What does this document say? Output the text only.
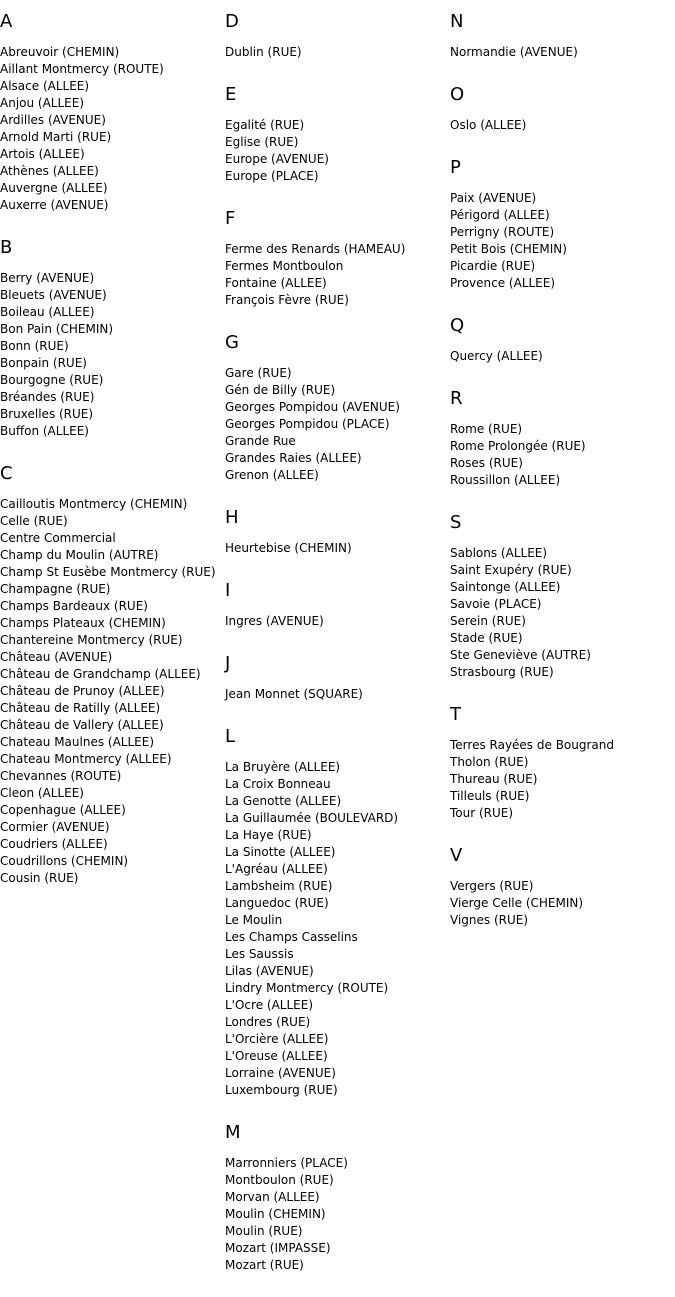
A
Abreuvoir (CHEMIN)
Aillant Montmercy (ROUTE)
Alsace (ALLEE)
Anjou (ALLEE)
Ardilles (AVENUE)
Arnold Marti (RUE)
Artois (ALLEE)
Athènes (ALLEE)
Auvergne (ALLEE)
Auxerre (AVENUE)
B
Berry (AVENUE)
Bleuets (AVENUE)
Boileau (ALLEE)
Bon Pain (CHEMIN)
Bonn (RUE)
Bonpain (RUE)
Bourgogne (RUE)
Bréandes (RUE)
Bruxelles (RUE)
Buffon (ALLEE)
C
Cailloutis Montmercy (CHEMIN)
Celle (RUE)
Centre Commercial
Champ du Moulin (AUTRE)
Champ St Eusèbe Montmercy (RUE)
Champagne (RUE)
Champs Bardeaux (RUE)
Champs Plateaux (CHEMIN)
Chantereine Montmercy (RUE)
Château (AVENUE)
Château de Grandchamp (ALLEE)
Château de Prunoy (ALLEE)
Château de Ratilly (ALLEE)
Château de Vallery (ALLEE)
Chateau Maulnes (ALLEE)
Chateau Montmercy (ALLEE)
Chevannes (ROUTE)
Cleon (ALLEE)
Copenhague (ALLEE)
Cormier (AVENUE)
Coudriers (ALLEE)
Coudrillons (CHEMIN)
Cousin (RUE)
D
Dublin (RUE)
E
Egalité (RUE)
Eglise (RUE)
Europe (AVENUE)
Europe (PLACE)
F
Ferme des Renards (HAMEAU)
Fermes Montboulon
Fontaine (ALLEE)
François Fèvre (RUE)
G
Gare (RUE)
Gén de Billy (RUE)
Georges Pompidou (AVENUE)
Georges Pompidou (PLACE)
Grande Rue
Grandes Raies (ALLEE)
Grenon (ALLEE)
H
Heurtebise (CHEMIN)
I
Ingres (AVENUE)
J
Jean Monnet (SQUARE)
L
La Bruyère (ALLEE)
La Croix Bonneau
La Genotte (ALLEE)
La Guillaumée (BOULEVARD)
La Haye (RUE)
La Sinotte (ALLEE)
L'Agréau (ALLEE)
Lambsheim (RUE)
Languedoc (RUE)
Le Moulin
Les Champs Casselins
Les Saussis
Lilas (AVENUE)
Lindry Montmercy (ROUTE)
L'Ocre (ALLEE)
Londres (RUE)
L'Orcière (ALLEE)
L'Oreuse (ALLEE)
Lorraine (AVENUE)
Luxembourg (RUE)
M
Marronniers (PLACE)
Montboulon (RUE)
Morvan (ALLEE)
Moulin (CHEMIN)
Moulin (RUE)
Mozart (IMPASSE)
Mozart (RUE)
N
Normandie (AVENUE)
O
Oslo (ALLEE)
P
Paix (AVENUE)
Périgord (ALLEE)
Perrigny (ROUTE)
Petit Bois (CHEMIN)
Picardie (RUE)
Provence (ALLEE)
Q
Quercy (ALLEE)
R
Rome (RUE)
Rome Prolongée (RUE)
Roses (RUE)
Roussillon (ALLEE)
S
Sablons (ALLEE)
Saint Exupéry (RUE)
Saintonge (ALLEE)
Savoie (PLACE)
Serein (RUE)
Stade (RUE)
Ste Geneviève (AUTRE)
Strasbourg (RUE)
T
Terres Rayées de Bougrand
Tholon (RUE)
Thureau (RUE)
Tilleuls (RUE)
Tour (RUE)
V
Vergers (RUE)
Vierge Celle (CHEMIN)
Vignes (RUE)
